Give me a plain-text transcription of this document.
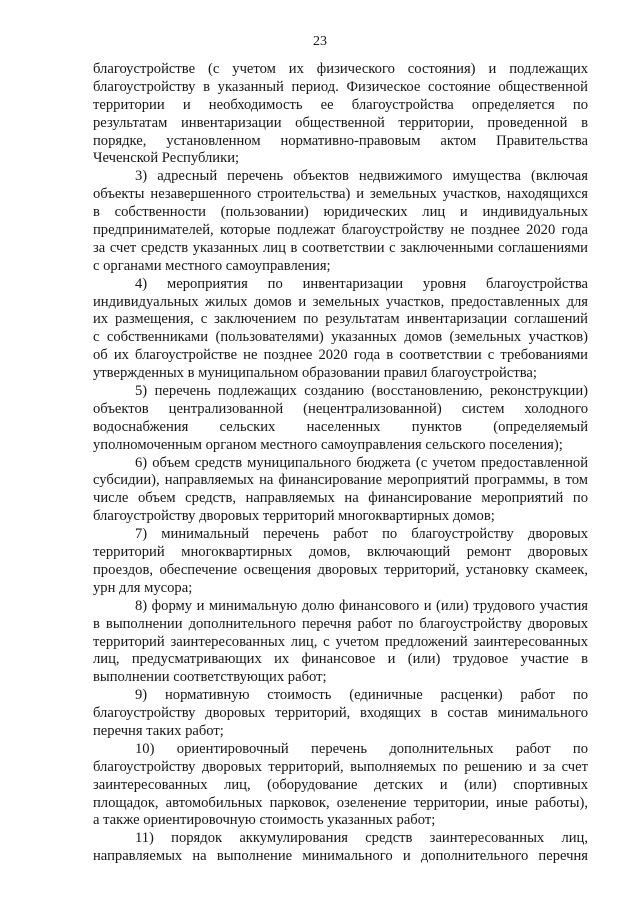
23
благоустройстве (с учетом их физического состояния) и подлежащих
благоустройству в указанный период. Физическое состояние общественной
территории и необходимость ее благоустройства определяется по
результатам инвентаризации общественной территории, проведенной в
порядке, установленном нормативно-правовым актом Правительства
Чеченской Республики;
3) адресный перечень объектов недвижимого имущества (включая
объекты незавершенного строительства) и земельных участков, находящихся
в собственности (пользовании) юридических лиц и индивидуальных
предпринимателей, которые подлежат благоустройству не позднее 2020 года
за счет средств указанных лиц в соответствии с заключенными соглашениями
с органами местного самоуправления;
4) мероприятия по инвентаризации уровня благоустройства
индивидуальных жилых домов и земельных участков, предоставленных для
их размещения, с заключением по результатам инвентаризации соглашений
с собственниками (пользователями) указанных домов (земельных участков)
об их благоустройстве не позднее 2020 года в соответствии с требованиями
утвержденных в муниципальном образовании правил благоустройства;
5) перечень подлежащих созданию (восстановлению, реконструкции)
объектов централизованной (нецентрализованной) систем холодного
водоснабжения сельских населенных пунктов (определяемый
уполномоченным органом местного самоуправления сельского поселения);
6) объем средств муниципального бюджета (с учетом предоставленной
субсидии), направляемых на финансирование мероприятий программы, в том
числе объем средств, направляемых на финансирование мероприятий по
благоустройству дворовых территорий многоквартирных домов;
7) минимальный перечень работ по благоустройству дворовых
территорий многоквартирных домов, включающий ремонт дворовых
проездов, обеспечение освещения дворовых территорий, установку скамеек,
урн для мусора;
8) форму и минимальную долю финансового и (или) трудового участия
в выполнении дополнительного перечня работ по благоустройству дворовых
территорий заинтересованных лиц, с учетом предложений заинтересованных
лиц, предусматривающих их финансовое и (или) трудовое участие в
выполнении соответствующих работ;
9) нормативную стоимость (единичные расценки) работ по
благоустройству дворовых территорий, входящих в состав минимального
перечня таких работ;
10) ориентировочный перечень дополнительных работ по
благоустройству дворовых территорий, выполняемых по решению и за счет
заинтересованных лиц, (оборудование детских и (или) спортивных
площадок, автомобильных парковок, озеленение территории, иные работы),
а также ориентировочную стоимость указанных работ;
11) порядок аккумулирования средств заинтересованных лиц,
направляемых на выполнение минимального и дополнительного перечня
